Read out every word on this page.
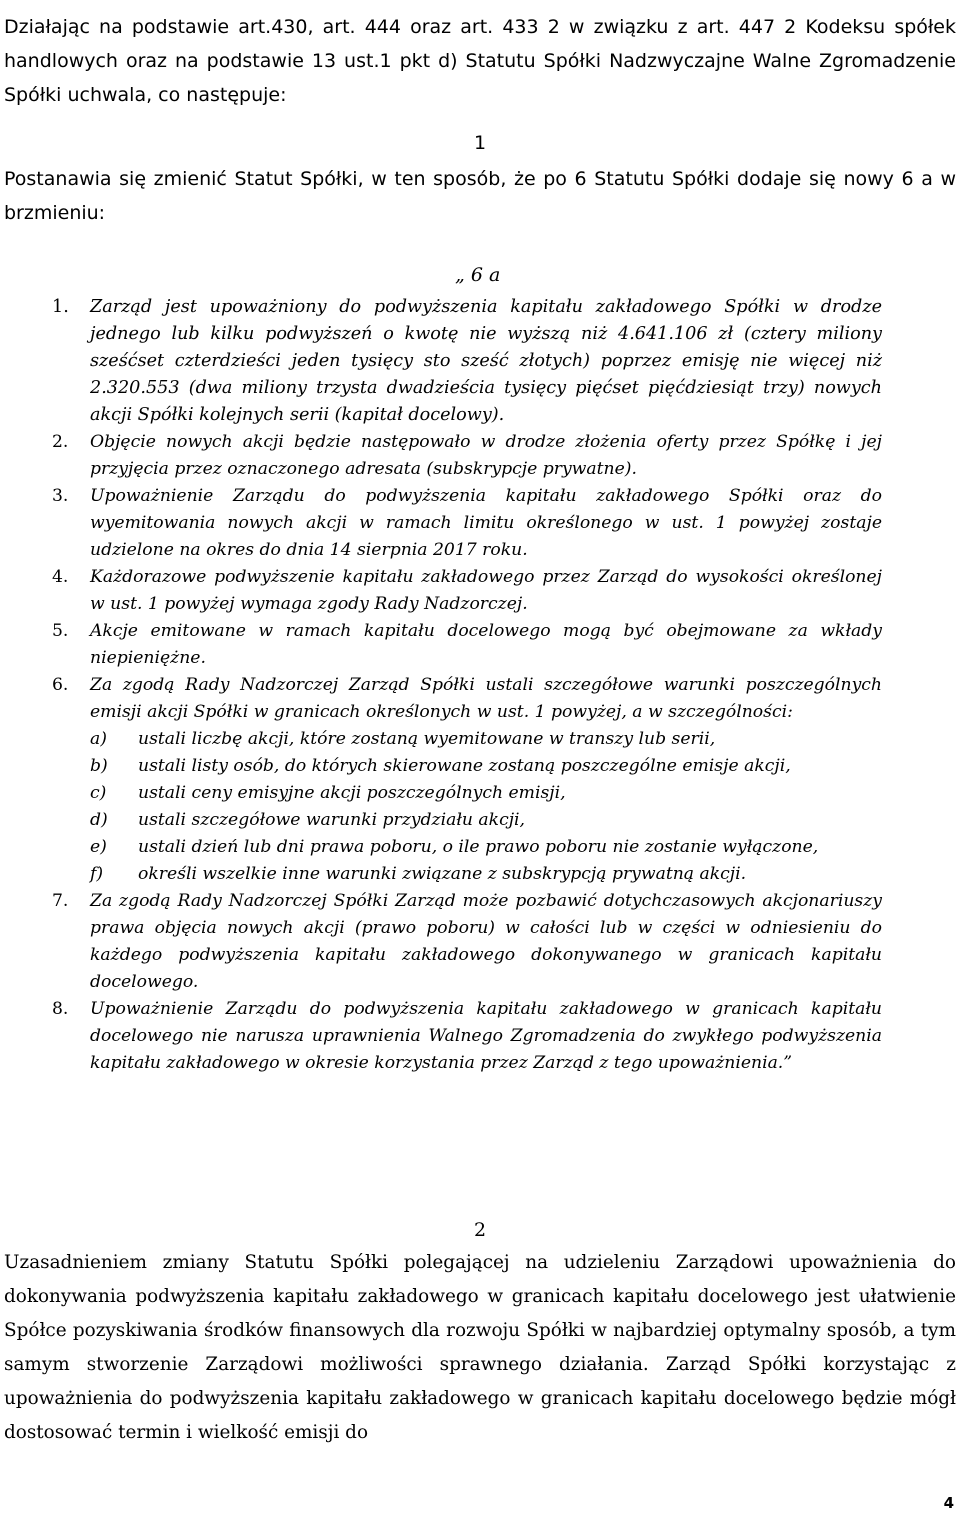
Działając na podstawie art.430, art. 444 oraz art. 433 2 w związku z art. 447 2 Kodeksu spółek handlowych oraz na podstawie 13 ust.1 pkt d) Statutu Spółki Nadzwyczajne Walne Zgromadzenie Spółki uchwala, co następuje:
1
Postanawia się zmienić Statut Spółki, w ten sposób, że po 6 Statutu Spółki dodaje się nowy 6 a w brzmieniu:
„ 6 a
1. Zarząd jest upoważniony do podwyższenia kapitału zakładowego Spółki w drodze jednego lub kilku podwyższeń o kwotę nie wyższą niż 4.641.106 zł (cztery miliony sześćset czterdzieści jeden tysięcy sto sześć złotych) poprzez emisję nie więcej niż 2.320.553 (dwa miliony trzysta dwadzieścia tysięcy pięćset pięćdziesiąt trzy) nowych akcji Spółki kolejnych serii (kapitał docelowy).
2. Objęcie nowych akcji będzie następowało w drodze złożenia oferty przez Spółkę i jej przyjęcia przez oznaczonego adresata (subskrypcje prywatne).
3. Upoważnienie Zarządu do podwyższenia kapitału zakładowego Spółki oraz do wyemitowania nowych akcji w ramach limitu określonego w ust. 1 powyżej zostaje udzielone na okres do dnia 14 sierpnia 2017 roku.
4. Każdorazowe podwyższenie kapitału zakładowego przez Zarząd do wysokości określonej w ust. 1 powyżej wymaga zgody Rady Nadzorczej.
5. Akcje emitowane w ramach kapitału docelowego mogą być obejmowane za wkłady niepieniężne.
6. Za zgodą Rady Nadzorczej Zarząd Spółki ustali szczegółowe warunki poszczególnych emisji akcji Spółki w granicach określonych w ust. 1 powyżej, a w szczególności:
a) ustali liczbę akcji, które zostaną wyemitowane w transzy lub serii,
b) ustali listy osób, do których skierowane zostaną poszczególne emisje akcji,
c) ustali ceny emisyjne akcji poszczególnych emisji,
d) ustali szczegółowe warunki przydziału akcji,
e) ustali dzień lub dni prawa poboru, o ile prawo poboru nie zostanie wyłączone,
f) określi wszelkie inne warunki związane z subskrypcją prywatną akcji.
7. Za zgodą Rady Nadzorczej Spółki Zarząd może pozbawić dotychczasowych akcjonariuszy prawa objęcia nowych akcji (prawo poboru) w całości lub w części w odniesieniu do każdego podwyższenia kapitału zakładowego dokonywanego w granicach kapitału docelowego.
8. Upoważnienie Zarządu do podwyższenia kapitału zakładowego w granicach kapitału docelowego nie narusza uprawnienia Walnego Zgromadzenia do zwykłego podwyższenia kapitału zakładowego w okresie korzystania przez Zarząd z tego upoważnienia.”
2
Uzasadnieniem zmiany Statutu Spółki polegającej na udzieleniu Zarządowi upoważnienia do dokonywania podwyższenia kapitału zakładowego w granicach kapitału docelowego jest ułatwienie Spółce pozyskiwania środków finansowych dla rozwoju Spółki w najbardziej optymalny sposób, a tym samym stworzenie Zarządowi możliwości sprawnego działania. Zarząd Spółki korzystając z upoważnienia do podwyższenia kapitału zakładowego w granicach kapitału docelowego będzie mógł dostosować termin i wielkość emisji do
4
